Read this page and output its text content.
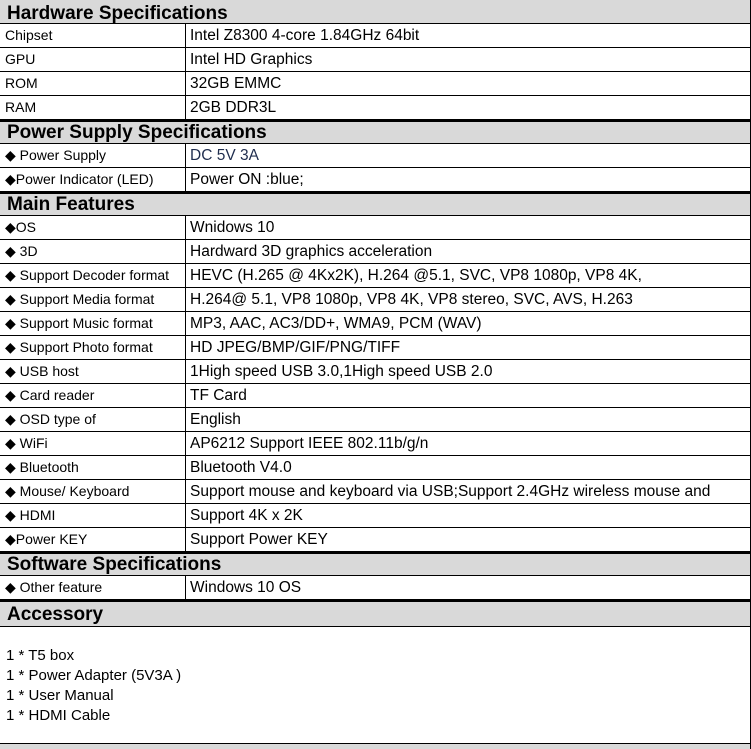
Hardware Specifications
Chipset	Intel Z8300 4-core 1.84GHz 64bit
GPU	Intel HD Graphics
ROM	32GB EMMC
RAM	2GB DDR3L
Power Supply Specifications
◆ Power Supply	DC 5V 3A
◆Power Indicator (LED)	Power ON :blue;
Main Features
◆OS	Wnidows 10
◆ 3D	Hardward 3D graphics acceleration
◆ Support Decoder format	HEVC (H.265 @ 4Kx2K), H.264 @5.1, SVC, VP8 1080p, VP8 4K,
◆ Support Media format	H.264@ 5.1, VP8 1080p, VP8 4K, VP8 stereo, SVC, AVS, H.263
◆ Support Music format	MP3, AAC, AC3/DD+, WMA9, PCM (WAV)
◆ Support Photo format	HD JPEG/BMP/GIF/PNG/TIFF
◆ USB host	1High speed USB 3.0,1High speed USB 2.0
◆ Card reader	TF Card
◆ OSD type of	English
◆ WiFi	AP6212 Support IEEE 802.11b/g/n
◆ Bluetooth	Bluetooth V4.0
◆ Mouse/ Keyboard	Support mouse and keyboard via USB;Support 2.4GHz wireless mouse and
◆ HDMI	Support 4K x 2K
◆Power KEY	Support Power KEY
Software Specifications
◆ Other feature	Windows 10 OS
Accessory
1 * T5 box
1 * Power Adapter (5V3A )
1 * User Manual
1 * HDMI Cable
